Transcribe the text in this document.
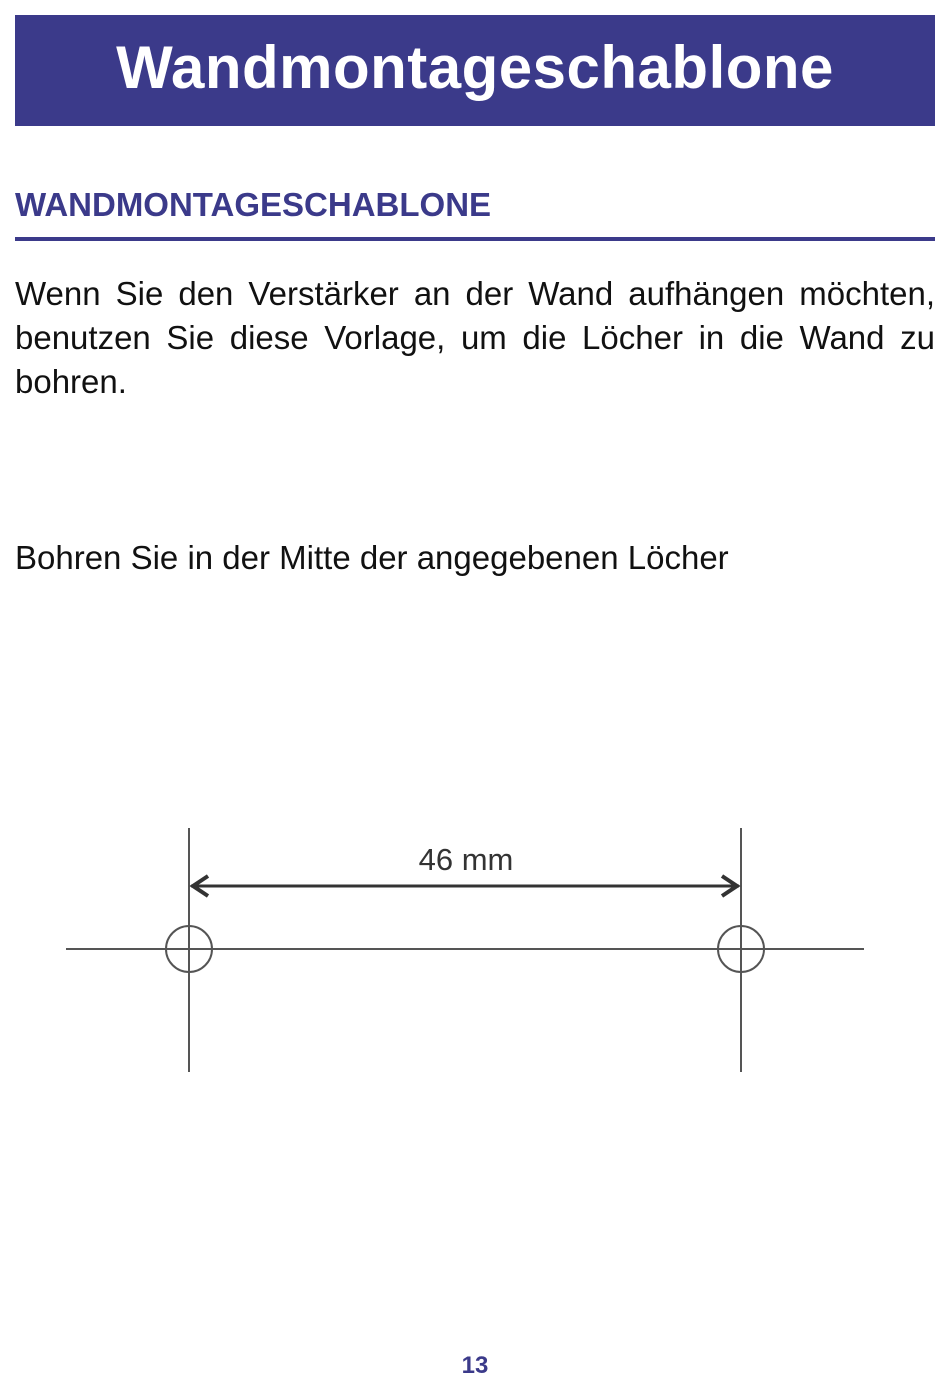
Wandmontageschablone
WANDMONTAGESCHABLONE
Wenn Sie den Verstärker an der Wand aufhängen möchten, benutzen Sie diese Vorlage, um die Löcher in die Wand zu bohren.
Bohren Sie in der Mitte der angegebenen Löcher
46 mm
13
